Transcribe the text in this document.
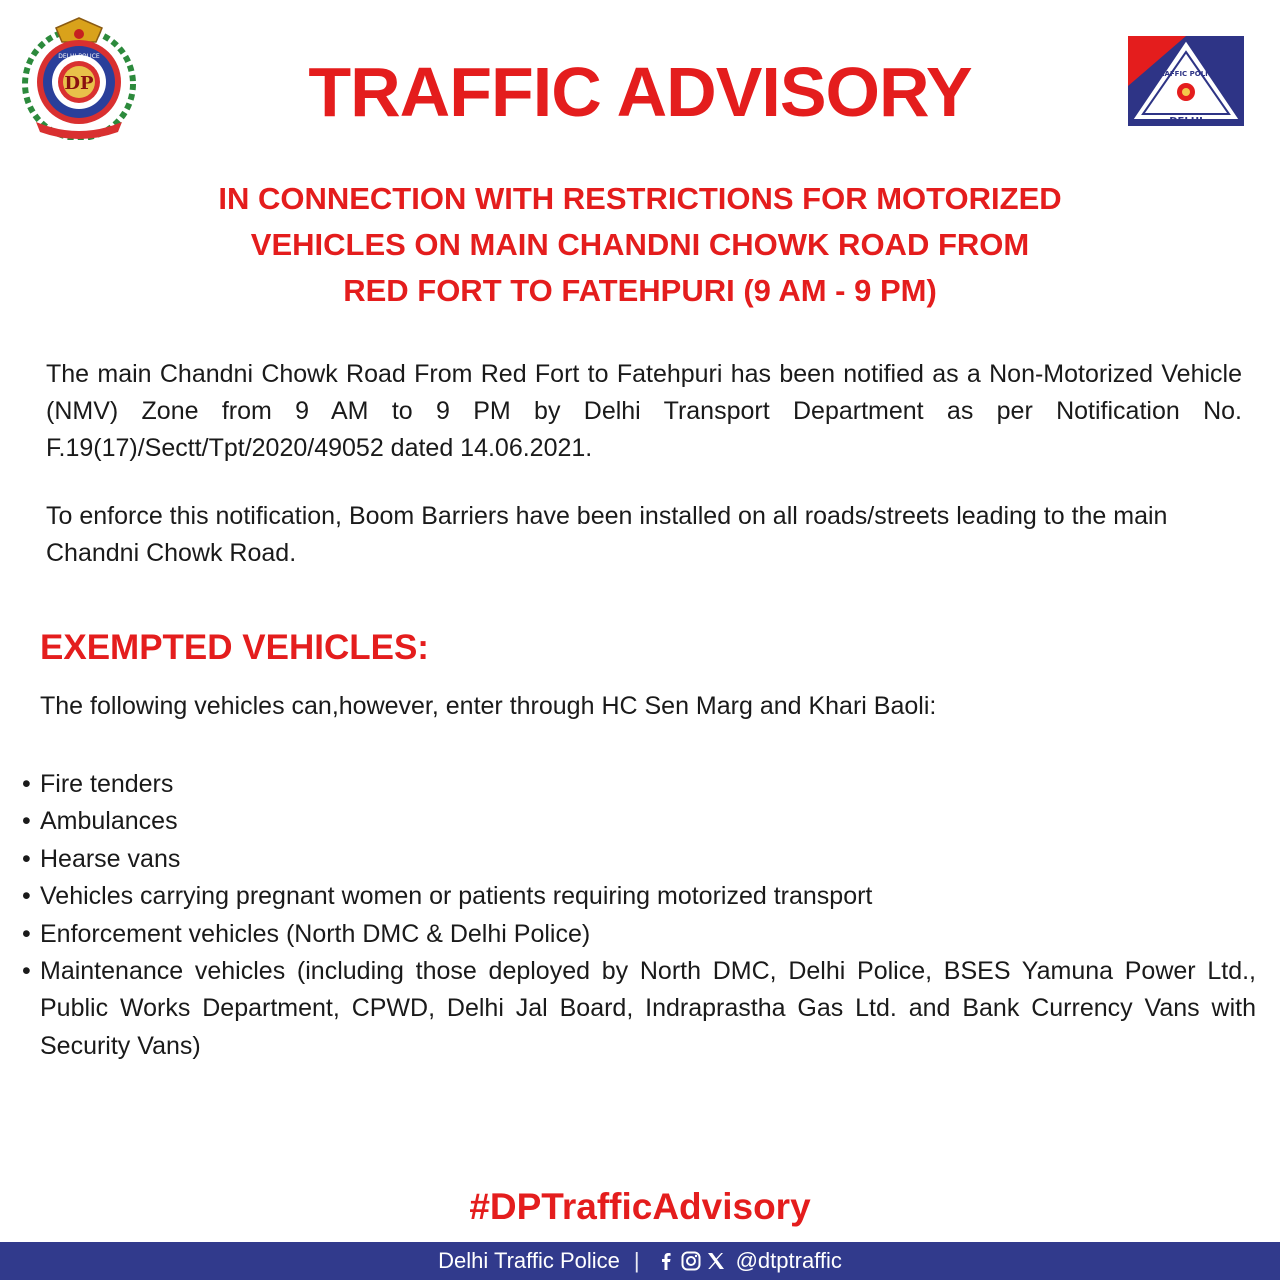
DP
DELHI POLICE
DELHI
TRAFFIC POLICE
TRAFFIC ADVISORY
IN CONNECTION WITH RESTRICTIONS FOR MOTORIZED
VEHICLES ON MAIN CHANDNI CHOWK ROAD FROM
RED FORT TO FATEHPURI (9 AM - 9 PM)

The main Chandni Chowk Road From Red Fort to Fatehpuri has been notified as a Non-Motorized Vehicle (NMV) Zone from 9 AM to 9 PM by Delhi Transport Department as per Notification No. F.19(17)/Sectt/Tpt/2020/49052 dated 14.06.2021.

To enforce this notification, Boom Barriers have been installed on all roads/streets leading to the main Chandni Chowk Road.

EXEMPTED VEHICLES:

The following vehicles can,however, enter through HC Sen Marg and Khari Baoli:

• Fire tenders
• Ambulances
• Hearse vans
• Vehicles carrying pregnant women or patients requiring motorized transport
• Enforcement vehicles (North DMC & Delhi Police)
• Maintenance vehicles (including those deployed by North DMC, Delhi Police, BSES Yamuna Power Ltd., Public Works Department, CPWD, Delhi Jal Board, Indraprastha Gas Ltd. and Bank Currency Vans with Security Vans)
#DPTrafficAdvisory
Delhi Traffic Police |	@dtptraffic
